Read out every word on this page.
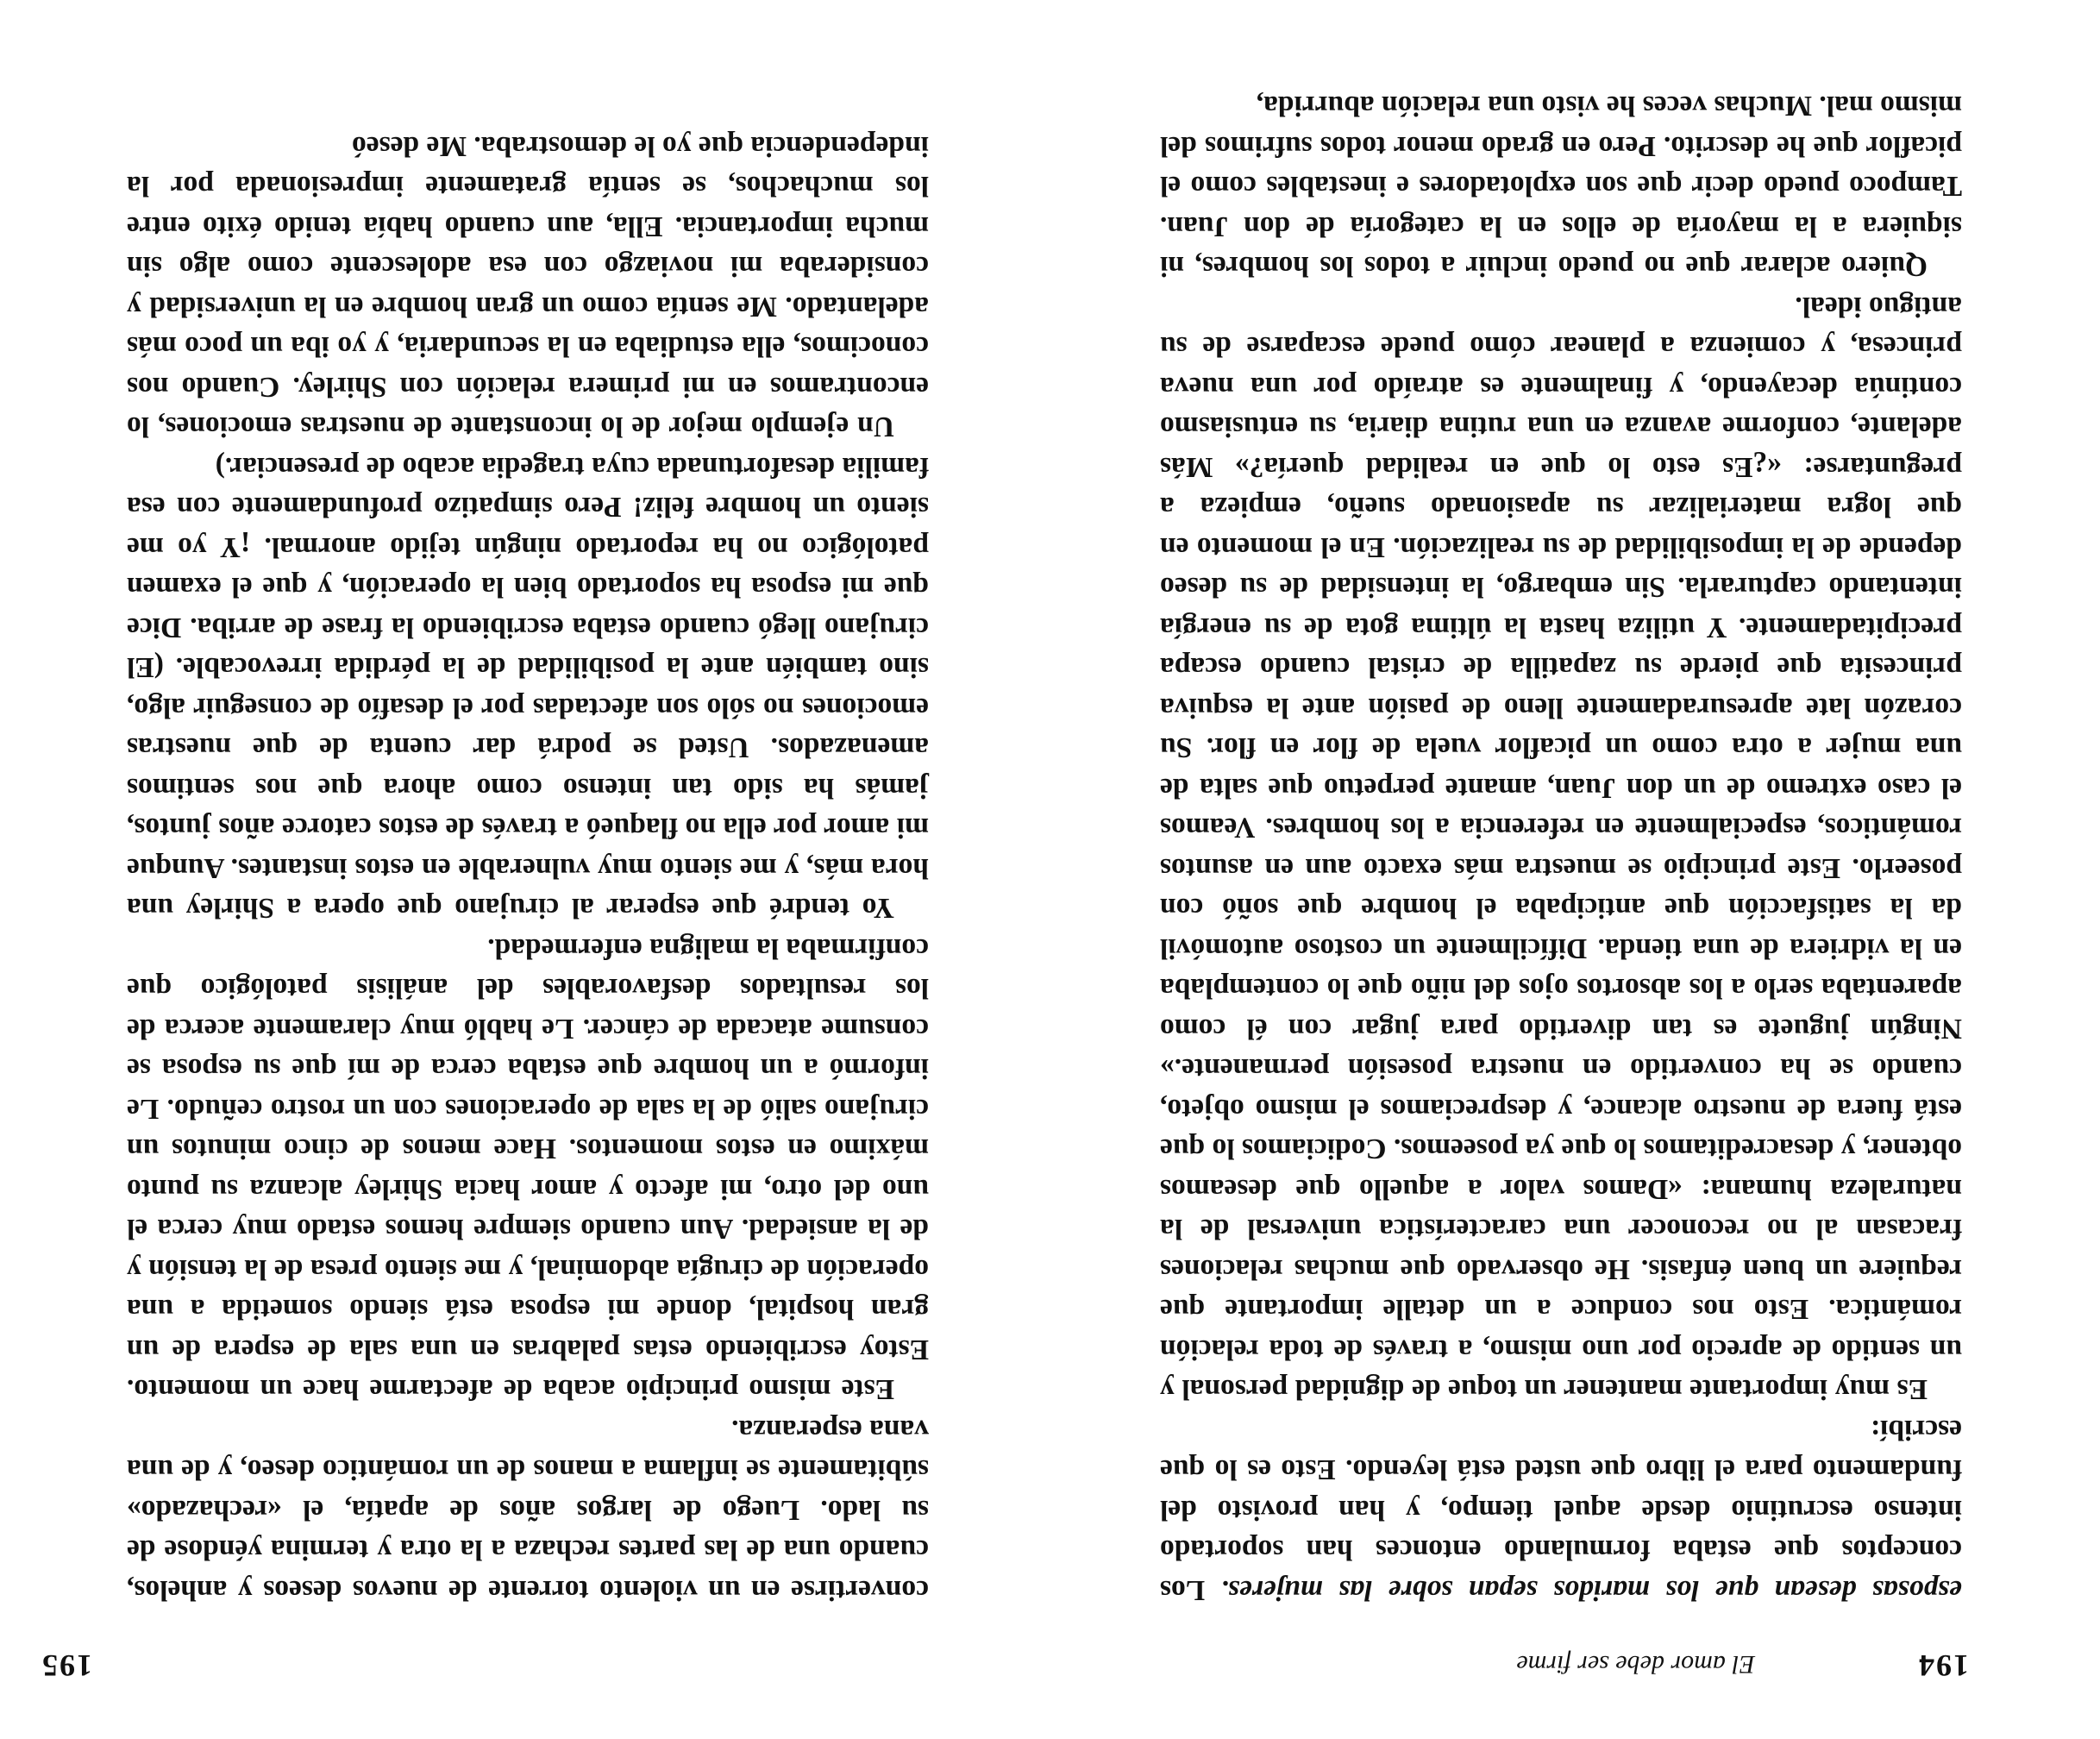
194
El amor debe ser firme

esposas desean que los maridos sepan sobre las mujeres. Los conceptos que estaba formulando entonces han soportado intenso escrutinio desde aquel tiempo, y han provisto del fundamento para el libro que usted está leyendo. Esto es lo que escribí:

Es muy importante mantener un toque de dignidad personal y un sentido de aprecio por uno mismo, a través de toda relación romántica. Esto nos conduce a un detalle importante que requiere un buen énfasis. He observado que muchas relaciones fracasan al no reconocer una característica universal de la naturaleza humana: «Damos valor a aquello que deseamos obtener, y desacreditamos lo que ya poseemos. Codiciamos lo que está fuera de nuestro alcance, y despreciamos el mismo objeto, cuando se ha convertido en nuestra posesión permanente.» Ningún juguete es tan divertido para jugar con él como aparentaba serlo a los absortos ojos del niño que lo contemplaba en la vidriera de una tienda. Difícilmente un costoso automóvil da la satisfacción que anticipaba el hombre que soñó con poseerlo. Este principio se muestra más exacto aun en asuntos románticos, especialmente en referencia a los hombres. Veamos el caso extremo de un don Juan, amante perpetuo que salta de una mujer a otra como un picaflor vuela de flor en flor. Su corazón late apresuradamente lleno de pasión ante la esquiva princesita que pierde su zapatilla de cristal cuando escapa precipitadamente. Y utiliza hasta la última gota de su energía intentando capturarla. Sin embargo, la intensidad de su deseo depende de la imposibilidad de su realización. En el momento en que logra materializar su apasionado sueño, empieza a preguntarse: «¿Es esto lo que en realidad quería?» Más adelante, conforme avanza en una rutina diaria, su entusiasmo continúa decayendo, y finalmente es atraído por una nueva princesa, y comienza a planear cómo puede escaparse de su antiguo ideal.

Quiero aclarar que no puedo incluir a todos los hombres, ni siquiera a la mayoría de ellos en la categoría de don Juan. Tampoco puedo decir que son explotadores e inestables como el picaflor que he descrito. Pero en grado menor todos sufrimos del mismo mal. Muchas veces he visto una relación aburrida,

195

convertirse en un violento torrente de nuevos deseos y anhelos, cuando una de las partes rechaza a la otra y termina yéndose de su lado. Luego de largos años de apatía, el «rechazado» súbitamente se inflama a manos de un romántico deseo, y de una vana esperanza.

Este mismo principio acaba de afectarme hace un momento. Estoy escribiendo estas palabras en una sala de espera de un gran hospital, donde mi esposa está siendo sometida a una operación de cirugía abdominal, y me siento presa de la tensión y de la ansiedad. Aun cuando siempre hemos estado muy cerca el uno del otro, mi afecto y amor hacia Shirley alcanza su punto máximo en estos momentos. Hace menos de cinco minutos un cirujano salió de la sala de operaciones con un rostro ceñudo. Le informó a un hombre que estaba cerca de mí que su esposa se consume atacada de cáncer. Le habló muy claramente acerca de los resultados desfavorables del análisis patológico que confirmaba la maligna enfermedad.

Yo tendré que esperar al cirujano que opera a Shirley una hora más, y me siento muy vulnerable en estos instantes. Aunque mi amor por ella no flaqueó a través de estos catorce años juntos, jamás ha sido tan intenso como ahora que nos sentimos amenazados. Usted se podrá dar cuenta de que nuestras emociones no sólo son afectadas por el desafío de conseguir algo, sino también ante la posibilidad de la pérdida irrevocable. (El cirujano llegó cuando estaba escribiendo la frase de arriba. Dice que mi esposa ha soportado bien la operación, y que el examen patológico no ha reportado ningún tejido anormal. ¡Y yo me siento un hombre feliz! Pero simpatizo profundamente con esa familia desafortunada cuya tragedia acabo de presenciar.)

Un ejemplo mejor de lo inconstante de nuestras emociones, lo encontramos en mi primera relación con Shirley. Cuando nos conocimos, ella estudiaba en la secundaria, y yo iba un poco más adelantado. Me sentía como un gran hombre en la universidad y consideraba mi noviazgo con esa adolescente como algo sin mucha importancia. Ella, aun cuando había tenido éxito entre los muchachos, se sentía gratamente impresionada por la independencia que yo le demostraba. Me deseó
